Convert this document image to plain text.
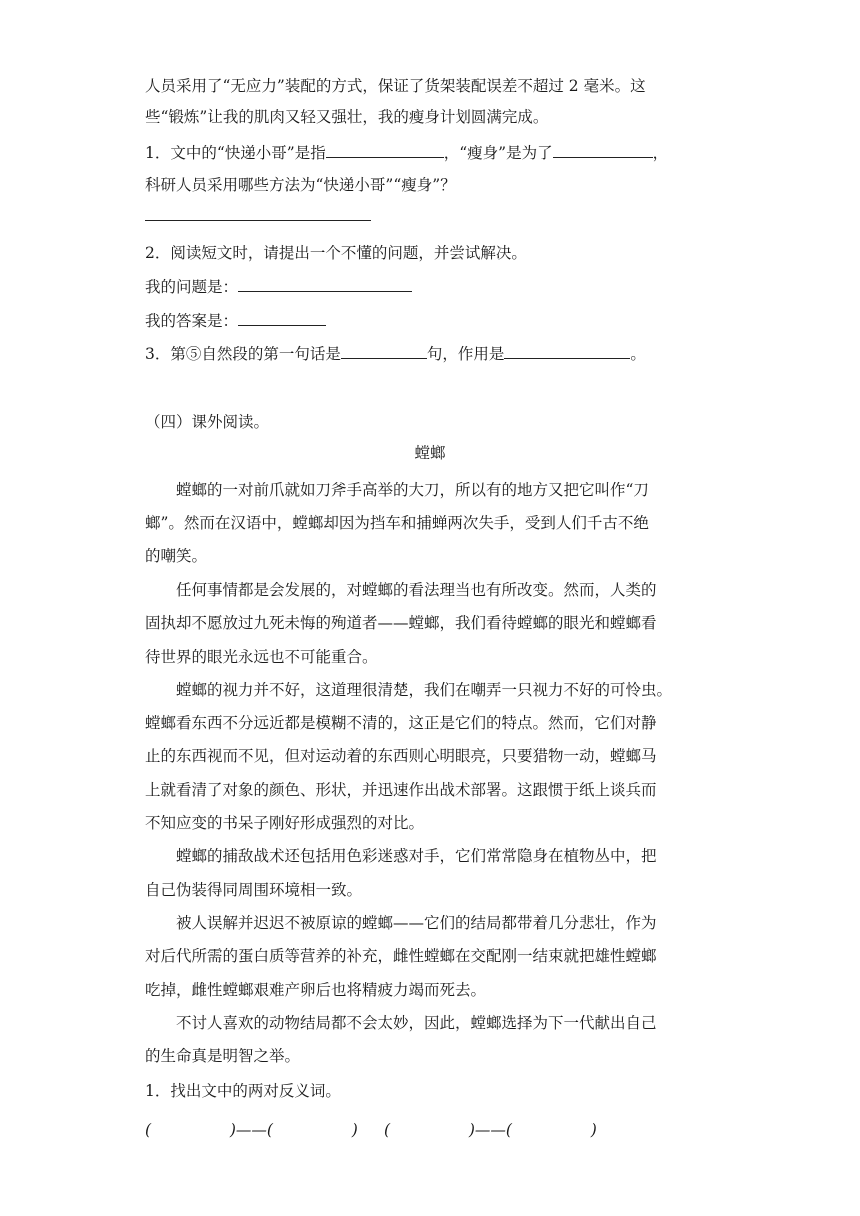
人员采用了“无应力”装配的方式，保证了货架装配误差不超过 2 毫米。这
些“锻炼”让我的肌肉又轻又强壮，我的瘦身计划圆满完成。
1．文中的“快递小哥”是指	，“瘦身”是为了	，
科研人员采用哪些方法为“快递小哥”“瘦身”？
2．阅读短文时，请提出一个不懂的问题，并尝试解决。
我的问题是：
我的答案是：
3．第⑤自然段的第一句话是	句，作用是	。
（四）课外阅读。
螳螂
螳螂的一对前爪就如刀斧手高举的大刀，所以有的地方又把它叫作“刀
螂”。然而在汉语中，螳螂却因为挡车和捕蝉两次失手，受到人们千古不绝
的嘲笑。
任何事情都是会发展的，对螳螂的看法理当也有所改变。然而，人类的
固执却不愿放过九死未悔的殉道者——螳螂，我们看待螳螂的眼光和螳螂看
待世界的眼光永远也不可能重合。
螳螂的视力并不好，这道理很清楚，我们在嘲弄一只视力不好的可怜虫。
螳螂看东西不分远近都是模糊不清的，这正是它们的特点。然而，它们对静
止的东西视而不见，但对运动着的东西则心明眼亮，只要猎物一动，螳螂马
上就看清了对象的颜色、形状，并迅速作出战术部署。这跟惯于纸上谈兵而
不知应变的书呆子刚好形成强烈的对比。
螳螂的捕敌战术还包括用色彩迷惑对手，它们常常隐身在植物丛中，把
自己伪装得同周围环境相一致。
被人误解并迟迟不被原谅的螳螂——它们的结局都带着几分悲壮，作为
对后代所需的蛋白质等营养的补充，雌性螳螂在交配刚一结束就把雄性螳螂
吃掉，雌性螳螂艰难产卵后也将精疲力竭而死去。
不讨人喜欢的动物结局都不会太妙，因此，螳螂选择为下一代献出自己
的生命真是明智之举。
1．找出文中的两对反义词。
(                )——(                )	(                )——(                )
